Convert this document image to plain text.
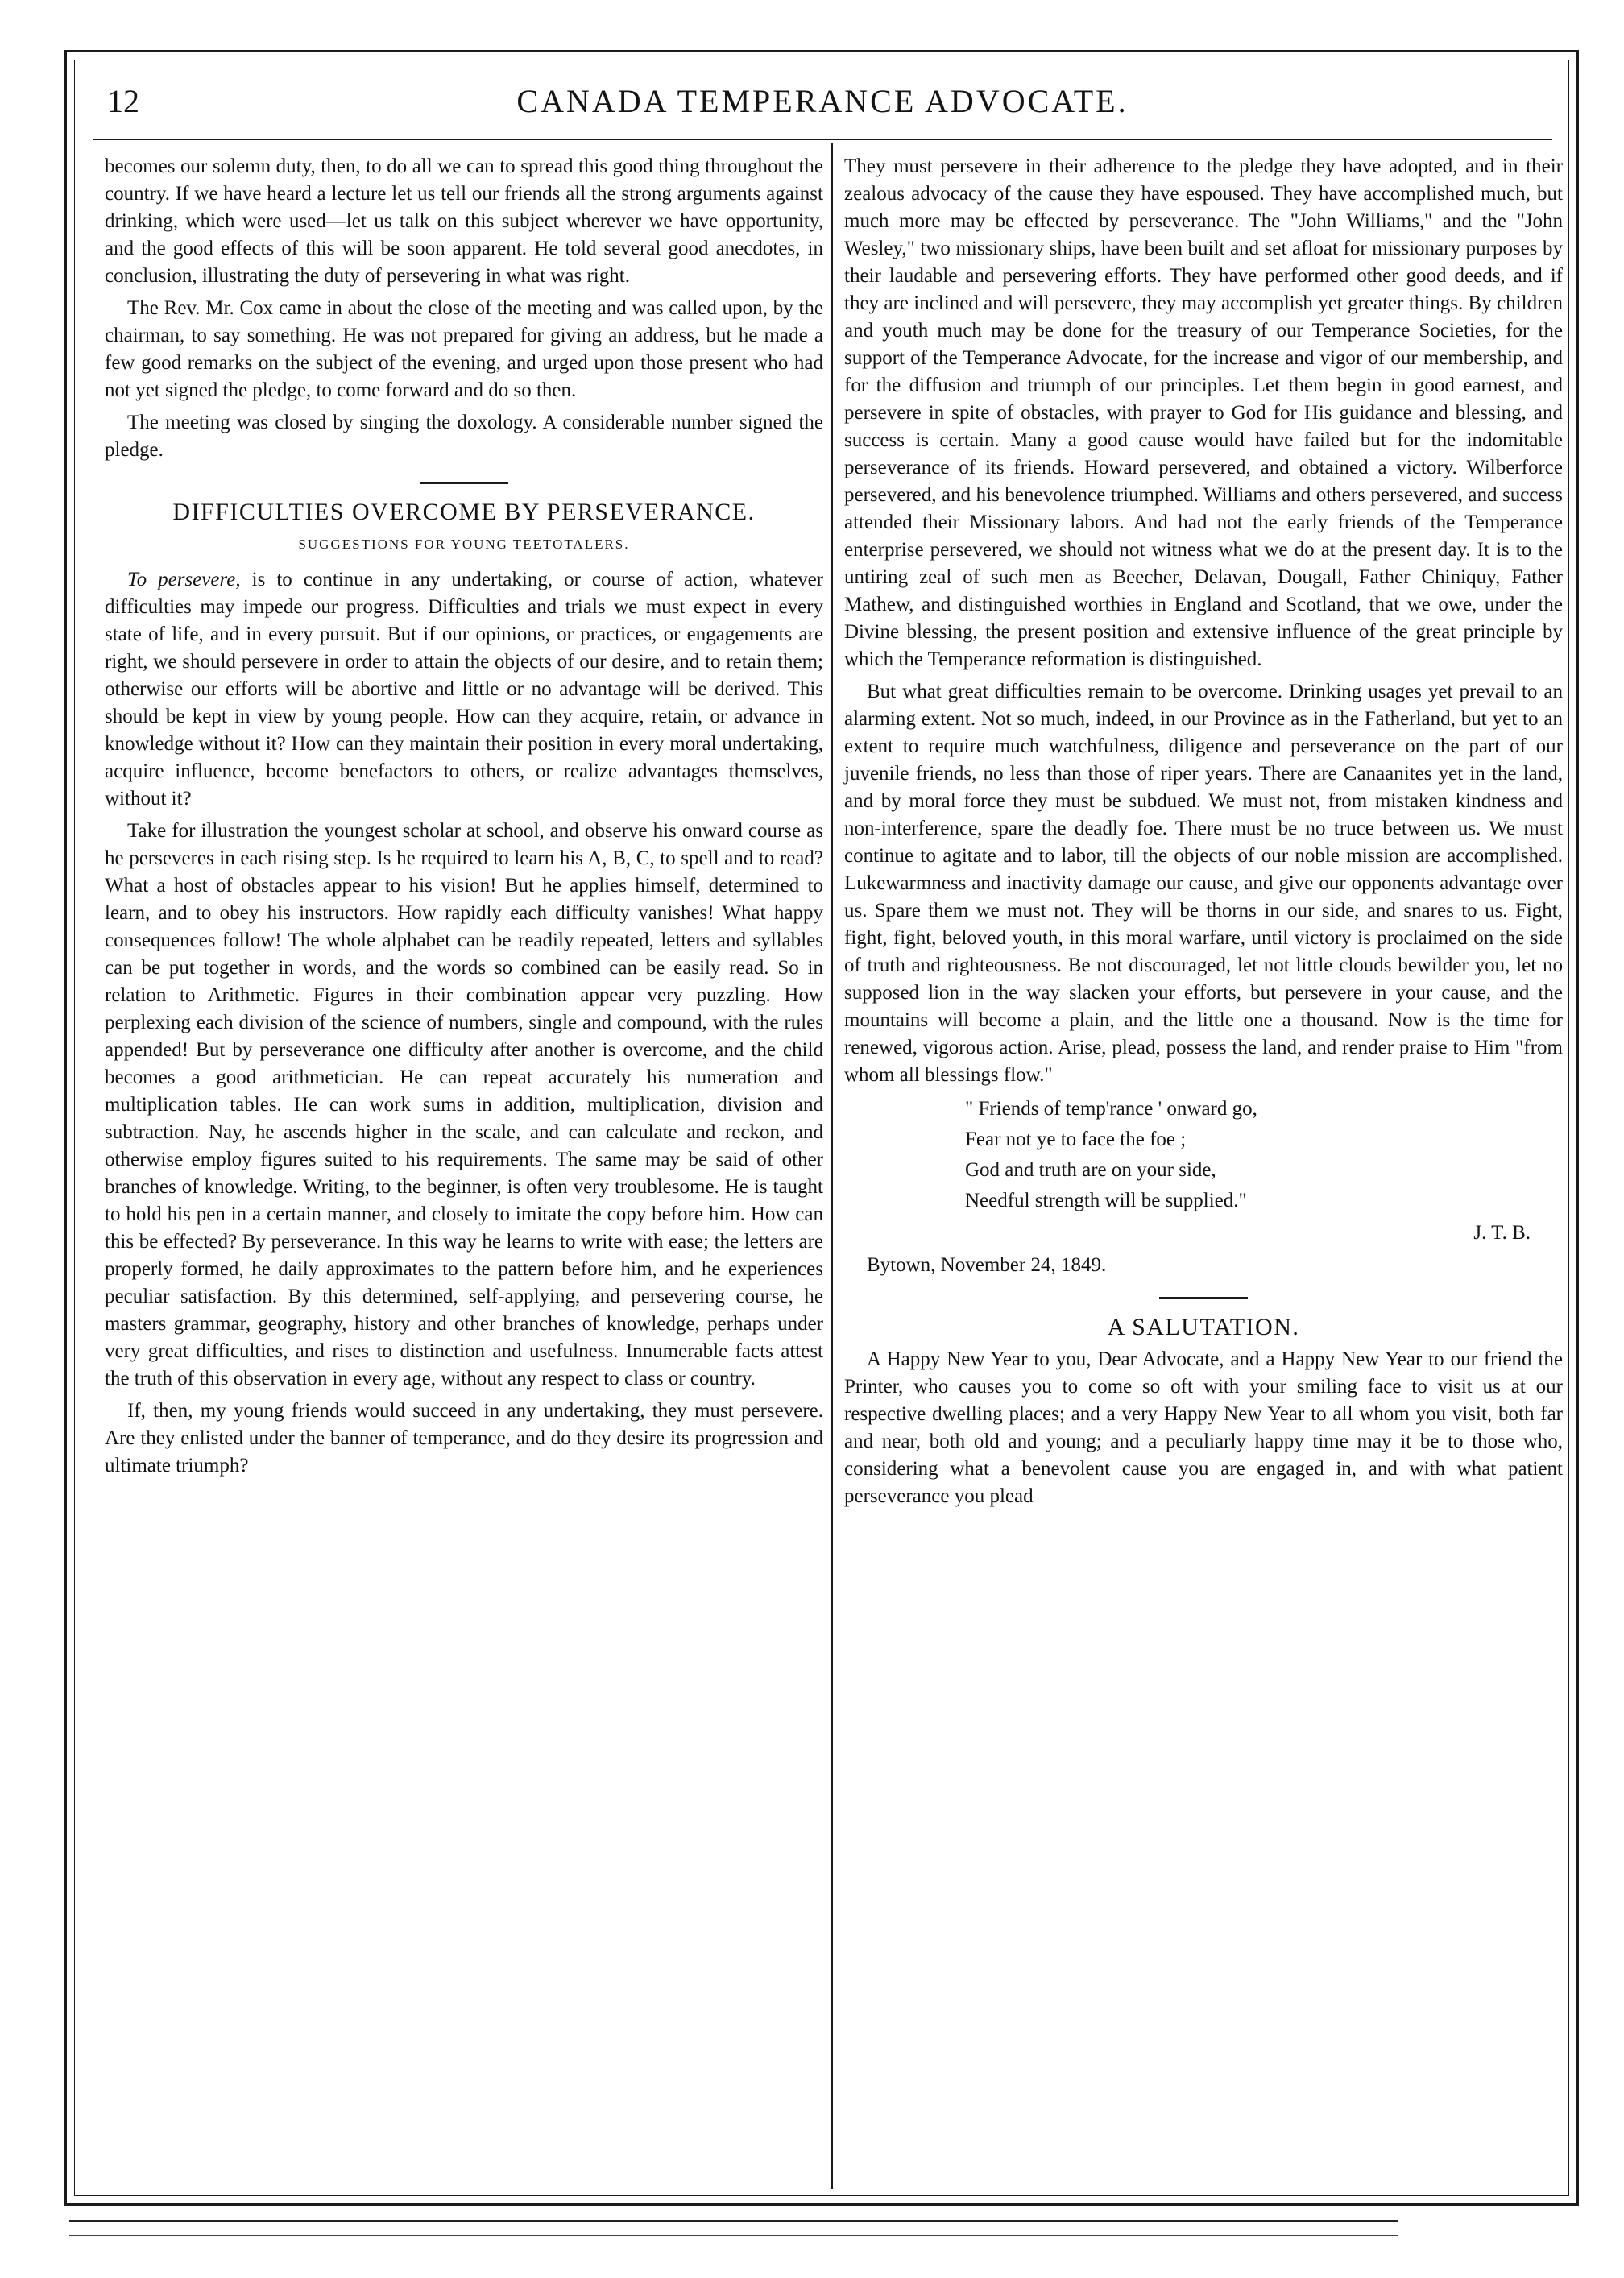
12	CANADA TEMPERANCE ADVOCATE.

becomes our solemn duty, then, to do all we can to spread this good thing throughout the country. If we have heard a lecture let us tell our friends all the strong arguments against drinking, which were used—let us talk on this subject wherever we have opportunity, and the good effects of this will be soon apparent. He told several good anecdotes, in conclusion, illustrating the duty of persevering in what was right.

The Rev. Mr. Cox came in about the close of the meeting and was called upon, by the chairman, to say something. He was not prepared for giving an address, but he made a few good remarks on the subject of the evening, and urged upon those present who had not yet signed the pledge, to come forward and do so then.

The meeting was closed by singing the doxology. A considerable number signed the pledge.

DIFFICULTIES OVERCOME BY PERSEVERANCE.
SUGGESTIONS FOR YOUNG TEETOTALERS.

To persevere, is to continue in any undertaking, or course of action, whatever difficulties may impede our progress. Difficulties and trials we must expect in every state of life, and in every pursuit. But if our opinions, or practices, or engagements are right, we should persevere in order to attain the objects of our desire, and to retain them; otherwise our efforts will be abortive and little or no advantage will be derived. This should be kept in view by young people. How can they acquire, retain, or advance in knowledge without it? How can they maintain their position in every moral undertaking, acquire influence, become benefactors to others, or realize advantages themselves, without it?

Take for illustration the youngest scholar at school, and observe his onward course as he perseveres in each rising step. Is he required to learn his A, B, C, to spell and to read? What a host of obstacles appear to his vision! But he applies himself, determined to learn, and to obey his instructors. How rapidly each difficulty vanishes! What happy consequences follow! The whole alphabet can be readily repeated, letters and syllables can be put together in words, and the words so combined can be easily read. So in relation to Arithmetic. Figures in their combination appear very puzzling. How perplexing each division of the science of numbers, single and compound, with the rules appended! But by perseverance one difficulty after another is overcome, and the child becomes a good arithmetician. He can repeat accurately his numeration and multiplication tables. He can work sums in addition, multiplication, division and subtraction. Nay, he ascends higher in the scale, and can calculate and reckon, and otherwise employ figures suited to his requirements. The same may be said of other branches of knowledge. Writing, to the beginner, is often very troublesome. He is taught to hold his pen in a certain manner, and closely to imitate the copy before him. How can this be effected? By perseverance. In this way he learns to write with ease; the letters are properly formed, he daily approximates to the pattern before him, and he experiences peculiar satisfaction. By this determined, self-applying, and persevering course, he masters grammar, geography, history and other branches of knowledge, perhaps under very great difficulties, and rises to distinction and usefulness. Innumerable facts attest the truth of this observation in every age, without any respect to class or country.

If, then, my young friends would succeed in any undertaking, they must persevere. Are they enlisted under the banner of temperance, and do they desire its progression and ultimate triumph?

They must persevere in their adherence to the pledge they have adopted, and in their zealous advocacy of the cause they have espoused. They have accomplished much, but much more may be effected by perseverance. The "John Williams," and the "John Wesley," two missionary ships, have been built and set afloat for missionary purposes by their laudable and persevering efforts. They have performed other good deeds, and if they are inclined and will persevere, they may accomplish yet greater things. By children and youth much may be done for the treasury of our Temperance Societies, for the support of the Temperance Advocate, for the increase and vigor of our membership, and for the diffusion and triumph of our principles. Let them begin in good earnest, and persevere in spite of obstacles, with prayer to God for His guidance and blessing, and success is certain. Many a good cause would have failed but for the indomitable perseverance of its friends. Howard persevered, and obtained a victory. Wilberforce persevered, and his benevolence triumphed. Williams and others persevered, and success attended their Missionary labors. And had not the early friends of the Temperance enterprise persevered, we should not witness what we do at the present day. It is to the untiring zeal of such men as Beecher, Delavan, Dougall, Father Chiniquy, Father Mathew, and distinguished worthies in England and Scotland, that we owe, under the Divine blessing, the present position and extensive influence of the great principle by which the Temperance reformation is distinguished.

But what great difficulties remain to be overcome. Drinking usages yet prevail to an alarming extent. Not so much, indeed, in our Province as in the Fatherland, but yet to an extent to require much watchfulness, diligence and perseverance on the part of our juvenile friends, no less than those of riper years. There are Canaanites yet in the land, and by moral force they must be subdued. We must not, from mistaken kindness and non-interference, spare the deadly foe. There must be no truce between us. We must continue to agitate and to labor, till the objects of our noble mission are accomplished. Lukewarmness and inactivity damage our cause, and give our opponents advantage over us. Spare them we must not. They will be thorns in our side, and snares to us. Fight, fight, fight, beloved youth, in this moral warfare, until victory is proclaimed on the side of truth and righteousness. Be not discouraged, let not little clouds bewilder you, let no supposed lion in the way slacken your efforts, but persevere in your cause, and the mountains will become a plain, and the little one a thousand. Now is the time for renewed, vigorous action. Arise, plead, possess the land, and render praise to Him "from whom all blessings flow."

" Friends of temp'rance ' onward go,
Fear not ye to face the foe ;
God and truth are on your side,
Needful strength will be supplied."
J. T. B.
Bytown, November 24, 1849.
A SALUTATION.

A Happy New Year to you, Dear Advocate, and a Happy New Year to our friend the Printer, who causes you to come so oft with your smiling face to visit us at our respective dwelling places; and a very Happy New Year to all whom you visit, both far and near, both old and young; and a peculiarly happy time may it be to those who, considering what a benevolent cause you are engaged in, and with what patient perseverance you plead
